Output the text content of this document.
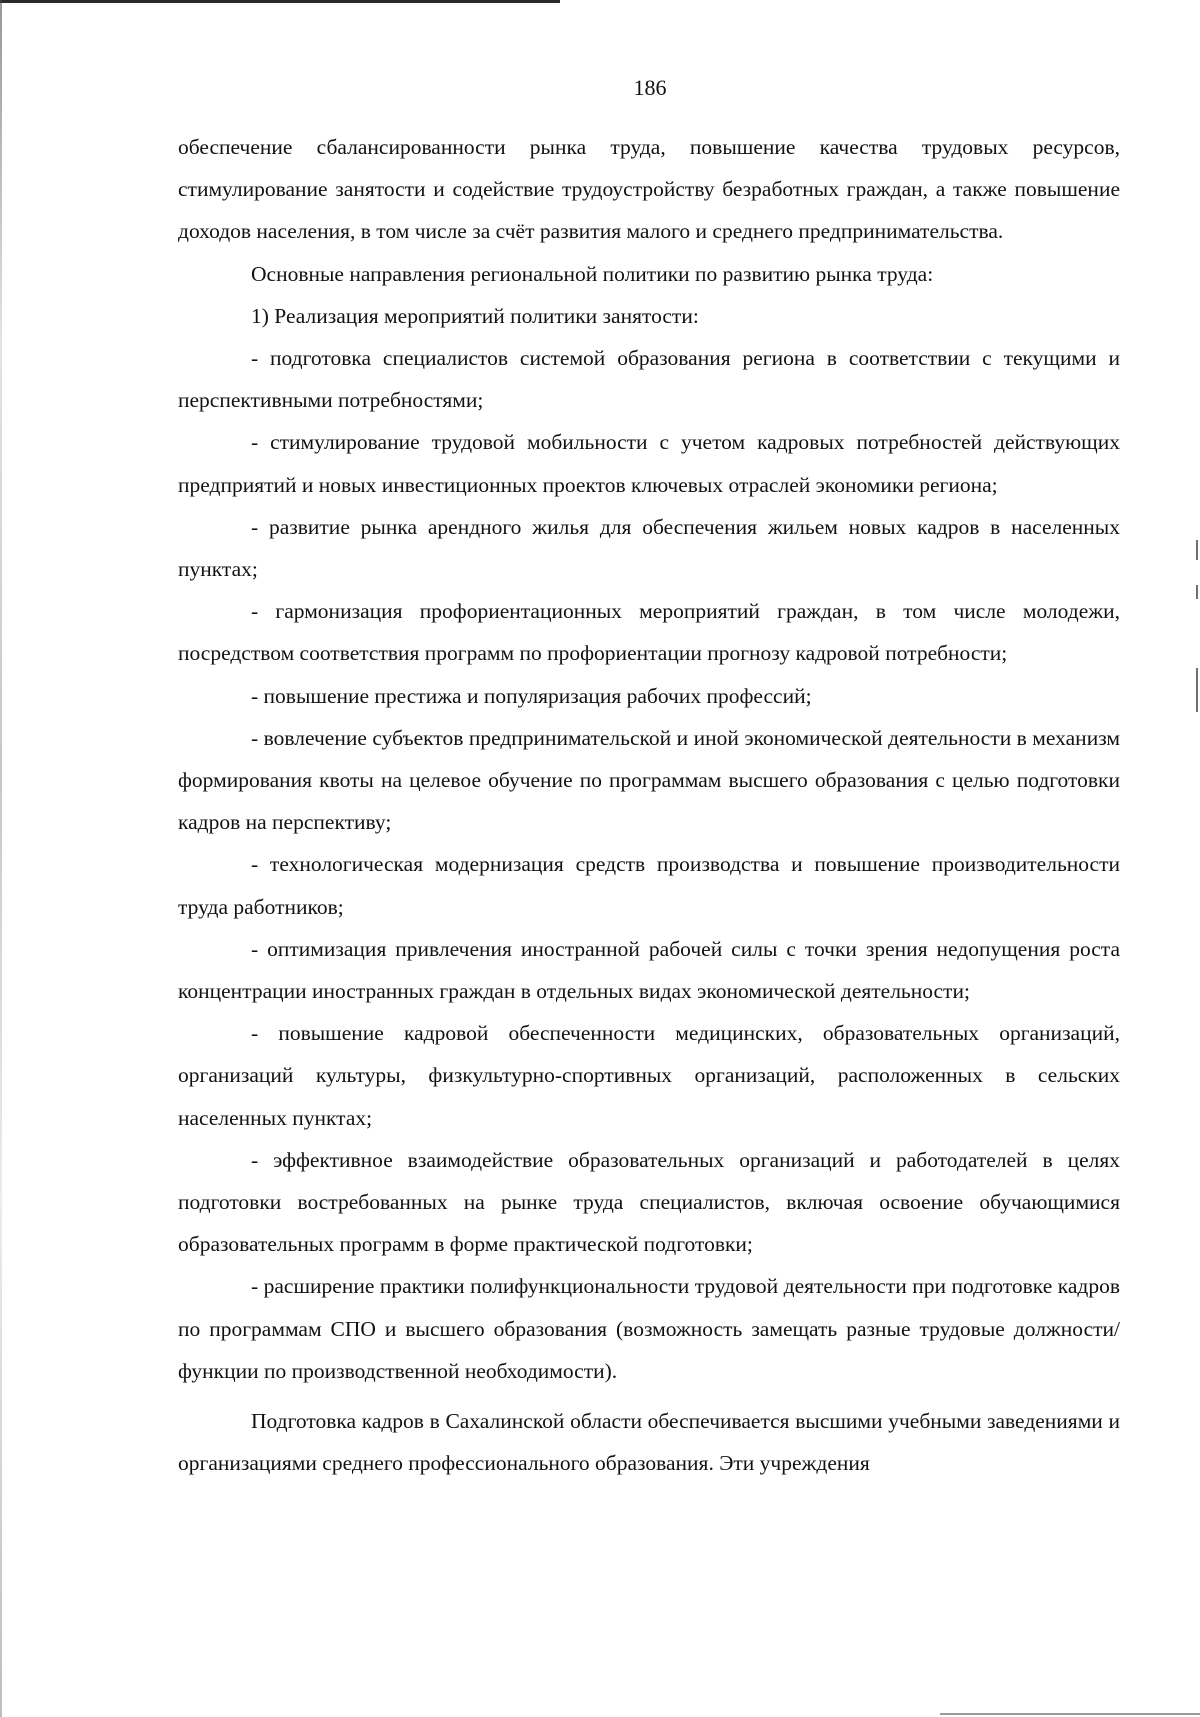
186

обеспечение сбалансированности рынка труда, повышение качества трудовых ресурсов, стимулирование занятости и содействие трудоустройству безработных граждан, а также повышение доходов населения, в том числе за счёт развития малого и среднего предпринимательства.

Основные направления региональной политики по развитию рынка труда:

1) Реализация мероприятий политики занятости:

- подготовка специалистов системой образования региона в соответствии с текущими и перспективными потребностями;

- стимулирование трудовой мобильности с учетом кадровых потребностей действующих предприятий и новых инвестиционных проектов ключевых отраслей экономики региона;

- развитие рынка арендного жилья для обеспечения жильем новых кадров в населенных пунктах;

- гармонизация профориентационных мероприятий граждан, в том числе молодежи, посредством соответствия программ по профориентации прогнозу кадровой потребности;

- повышение престижа и популяризация рабочих профессий;

- вовлечение субъектов предпринимательской и иной экономической деятельности в механизм формирования квоты на целевое обучение по программам высшего образования с целью подготовки кадров на перспективу;

- технологическая модернизация средств производства и повышение производительности труда работников;

- оптимизация привлечения иностранной рабочей силы с точки зрения недопущения роста концентрации иностранных граждан в отдельных видах экономической деятельности;

- повышение кадровой обеспеченности медицинских, образовательных организаций, организаций культуры, физкультурно-спортивных организаций, расположенных в сельских населенных пунктах;

- эффективное взаимодействие образовательных организаций и работодателей в целях подготовки востребованных на рынке труда специалистов, включая освоение обучающимися образовательных программ в форме практической подготовки;

- расширение практики полифункциональности трудовой деятельности при подготовке кадров по программам СПО и высшего образования (возможность замещать разные трудовые должности/функции по производственной необходимости).

Подготовка кадров в Сахалинской области обеспечивается высшими учебными заведениями и организациями среднего профессионального образования. Эти учреждения
